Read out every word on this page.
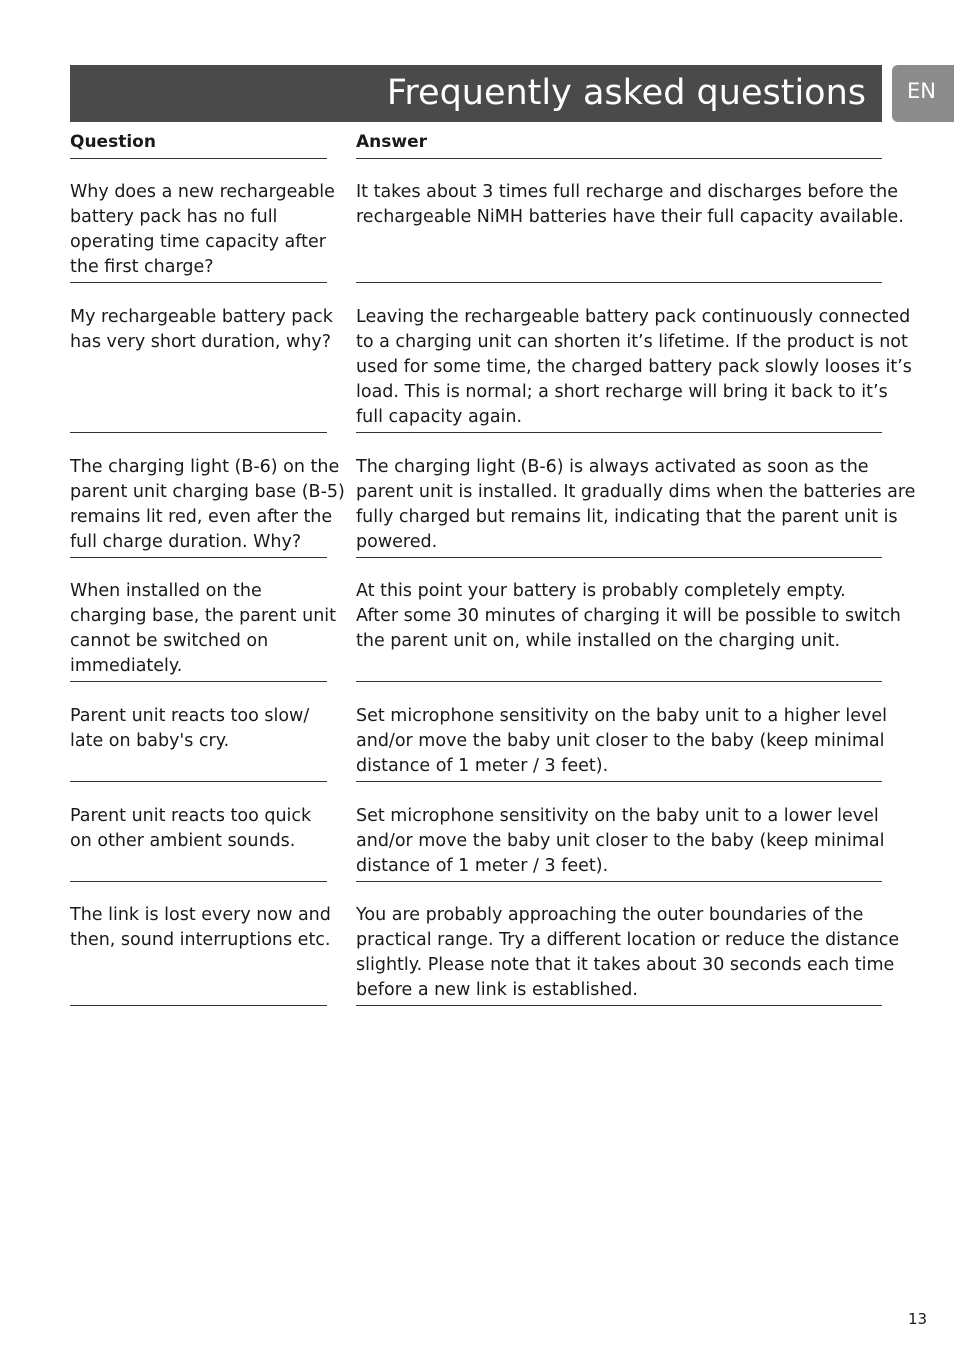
Frequently asked questions EN
Question	Answer
Why does a new rechargeable
battery pack has no full
operating time capacity after
the first charge?
It takes about 3 times full recharge and discharges before the
rechargeable NiMH batteries have their full capacity available.
My rechargeable battery pack
has very short duration, why?
Leaving the rechargeable battery pack continuously connected
to a charging unit can shorten it’s lifetime. If the product is not
used for some time, the charged battery pack slowly looses it’s
load. This is normal; a short recharge will bring it back to it’s
full capacity again.
The charging light (B-6) on the
parent unit charging base (B-5)
remains lit red, even after the
full charge duration. Why?
The charging light (B-6) is always activated as soon as the
parent unit is installed. It gradually dims when the batteries are
fully charged but remains lit, indicating that the parent unit is
powered.
When installed on the
charging base, the parent unit
cannot be switched on
immediately.
At this point your battery is probably completely empty.
After some 30 minutes of charging it will be possible to switch
the parent unit on, while installed on the charging unit.
Parent unit reacts too slow/
late on baby's cry.
Set microphone sensitivity on the baby unit to a higher level
and/or move the baby unit closer to the baby (keep minimal
distance of 1 meter / 3 feet).
Parent unit reacts too quick
on other ambient sounds.
Set microphone sensitivity on the baby unit to a lower level
and/or move the baby unit closer to the baby (keep minimal
distance of 1 meter / 3 feet).
The link is lost every now and
then, sound interruptions etc.
You are probably approaching the outer boundaries of the
practical range. Try a different location or reduce the distance
slightly. Please note that it takes about 30 seconds each time
before a new link is established.
13
